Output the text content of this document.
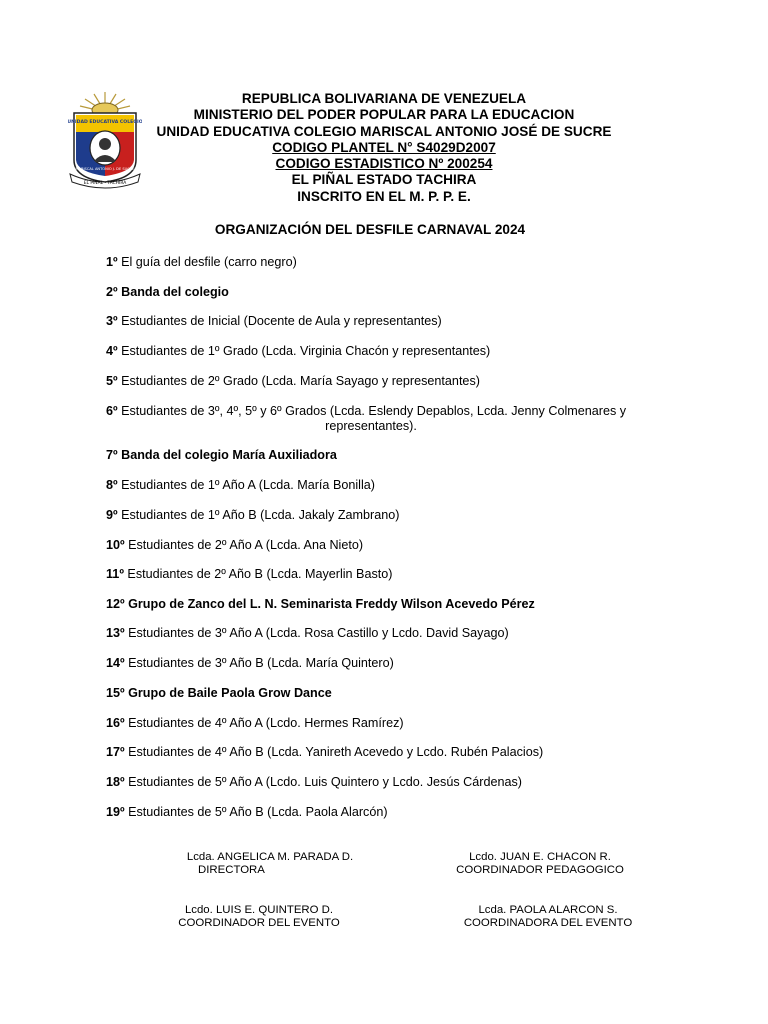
UNIDAD EDUCATIVA COLEGIO
MARISCAL ANTONIO J. DE SUCRE
EL PIÑAL - TACHIRA
REPUBLICA BOLIVARIANA DE VENEZUELA
MINISTERIO DEL PODER POPULAR PARA LA EDUCACION
UNIDAD EDUCATIVA COLEGIO MARISCAL ANTONIO JOSÉ DE SUCRE
CODIGO PLANTEL N° S4029D2007
CODIGO ESTADISTICO Nº 200254
EL PIÑAL ESTADO TACHIRA
INSCRITO EN EL M. P. P. E.
ORGANIZACIÓN DEL DESFILE CARNAVAL 2024
1º El guía del desfile (carro negro)
2º Banda del colegio
3º Estudiantes de Inicial (Docente de Aula y representantes)
4º Estudiantes de 1º Grado (Lcda. Virginia Chacón y representantes)
5º Estudiantes de 2º Grado (Lcda. María Sayago y representantes)
6º Estudiantes de 3º, 4º, 5º y 6º Grados (Lcda. Eslendy Depablos, Lcda. Jenny Colmenares y
representantes).
7º Banda del colegio María Auxiliadora
8º Estudiantes de 1º Año A (Lcda. María Bonilla)
9º Estudiantes de 1º Año B (Lcda. Jakaly Zambrano)
10º Estudiantes de 2º Año A (Lcda. Ana Nieto)
11º Estudiantes de 2º Año B (Lcda. Mayerlin Basto)
12º Grupo de Zanco del L. N. Seminarista Freddy Wilson Acevedo Pérez
13º Estudiantes de 3º Año A (Lcda. Rosa Castillo y Lcdo. David Sayago)
14º Estudiantes de 3º Año B (Lcda. María Quintero)
15º Grupo de Baile Paola Grow Dance
16º Estudiantes de 4º Año A (Lcdo. Hermes Ramírez)
17º Estudiantes de 4º Año B (Lcda. Yanireth Acevedo y Lcdo. Rubén Palacios)
18º Estudiantes de 5º Año A (Lcdo. Luis Quintero y Lcdo. Jesús Cárdenas)
19º Estudiantes de 5º Año B (Lcda. Paola Alarcón)
Lcda. ANGELICA M. PARADA D.
DIRECTORA
Lcdo. JUAN E. CHACON R.
COORDINADOR PEDAGOGICO
Lcdo. LUIS E. QUINTERO D.
COORDINADOR DEL EVENTO
Lcda. PAOLA ALARCON S.
COORDINADORA DEL EVENTO
